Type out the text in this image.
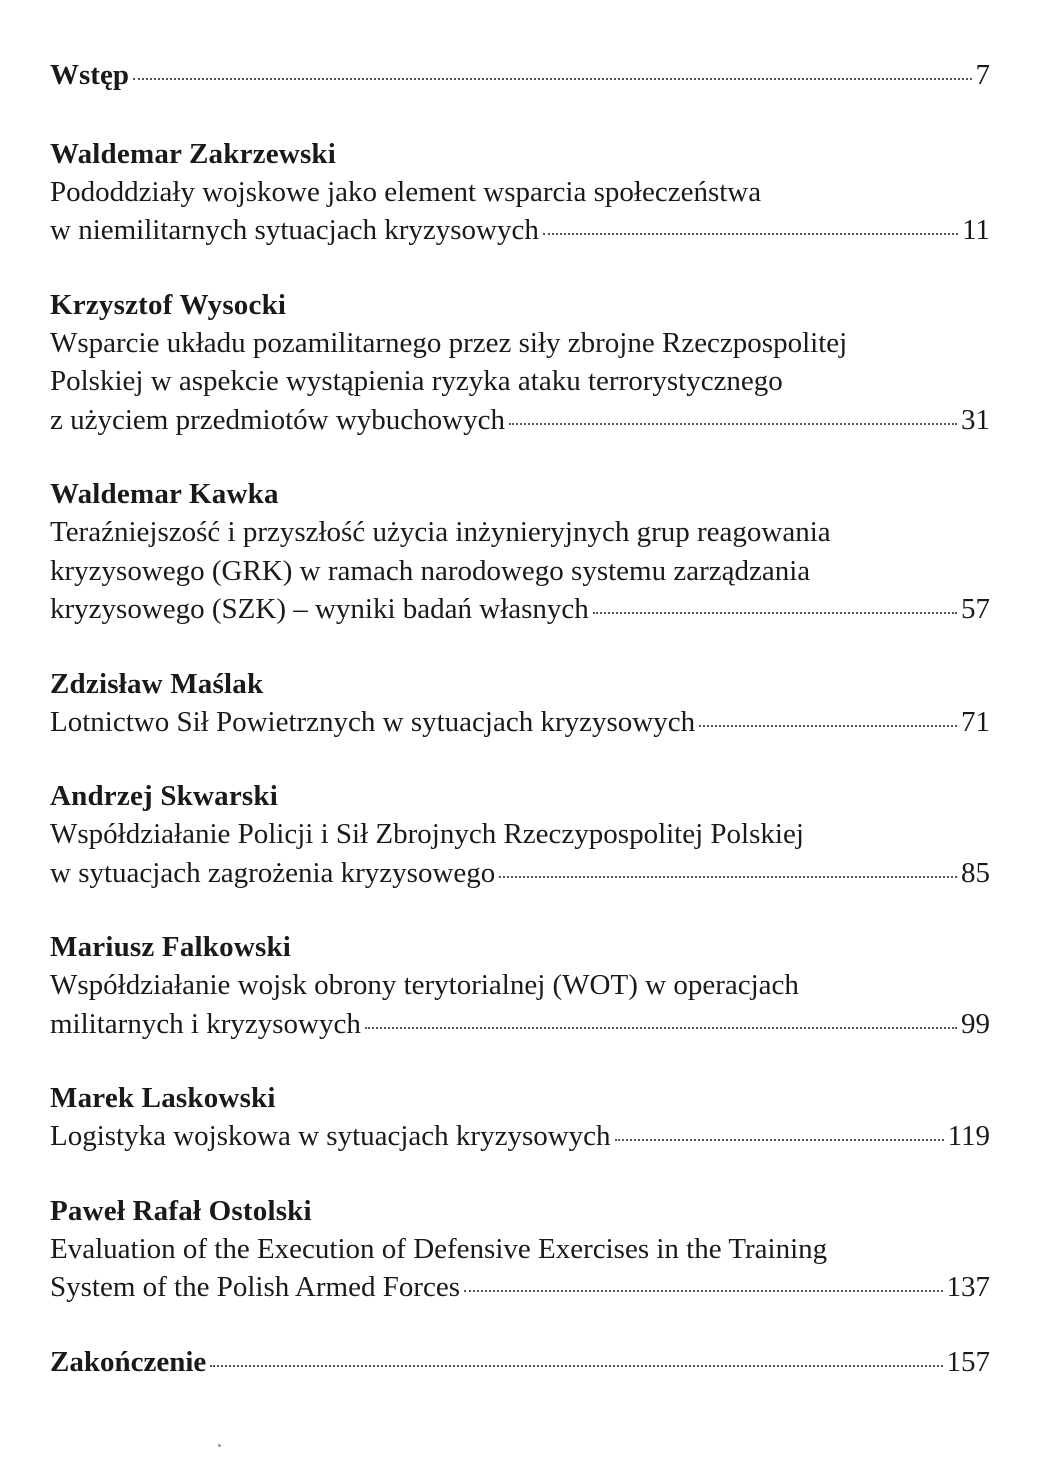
Wstęp	7
Waldemar Zakrzewski
Pododdziały wojskowe jako element wsparcia społeczeństwa
w niemilitarnych sytuacjach kryzysowych	11
Krzysztof Wysocki
Wsparcie układu pozamilitarnego przez siły zbrojne Rzeczpospolitej
Polskiej w aspekcie wystąpienia ryzyka ataku terrorystycznego
z użyciem przedmiotów wybuchowych	31
Waldemar Kawka
Teraźniejszość i przyszłość użycia inżynieryjnych grup reagowania
kryzysowego (GRK) w ramach narodowego systemu zarządzania
kryzysowego (SZK) – wyniki badań własnych	57
Zdzisław Maślak
Lotnictwo Sił Powietrznych w sytuacjach kryzysowych	71
Andrzej Skwarski
Współdziałanie Policji i Sił Zbrojnych Rzeczypospolitej Polskiej
w sytuacjach zagrożenia kryzysowego	85
Mariusz Falkowski
Współdziałanie wojsk obrony terytorialnej (WOT) w operacjach
militarnych i kryzysowych	99
Marek Laskowski
Logistyka wojskowa w sytuacjach kryzysowych	119
Paweł Rafał Ostolski
Evaluation of the Execution of Defensive Exercises in the Training
System of the Polish Armed Forces	137
Zakończenie	157
